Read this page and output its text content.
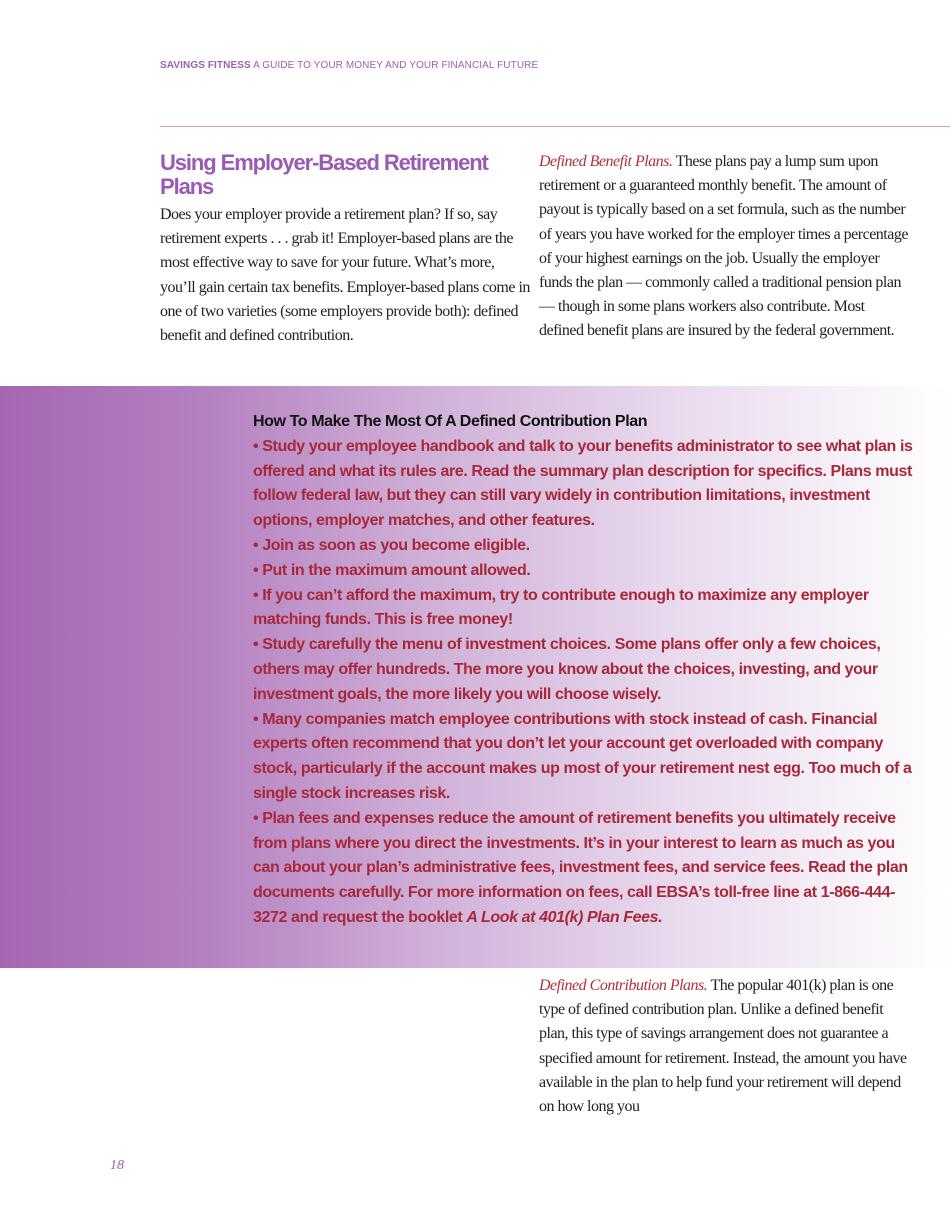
SAVINGS FITNESS A GUIDE TO YOUR MONEY AND YOUR FINANCIAL FUTURE
Using Employer-Based Retirement Plans

Does your employer provide a retirement plan? If so, say retirement experts . . . grab it! Employer-based plans are the most effective way to save for your future. What’s more, you’ll gain certain tax benefits. Employer-based plans come in one of two varieties (some employers provide both): defined benefit and defined contribution.

Defined Benefit Plans. These plans pay a lump sum upon retirement or a guaranteed monthly benefit. The amount of payout is typically based on a set formula, such as the number of years you have worked for the employer times a percentage of your highest earnings on the job. Usually the employer funds the plan — commonly called a traditional pension plan — though in some plans workers also contribute. Most defined benefit plans are insured by the federal government.

How To Make The Most Of A Defined Contribution Plan
• Study your employee handbook and talk to your benefits administrator to see what plan is offered and what its rules are. Read the summary plan description for specifics. Plans must follow federal law, but they can still vary widely in contribution limitations, investment options, employer matches, and other features.
• Join as soon as you become eligible.
• Put in the maximum amount allowed.
• If you can’t afford the maximum, try to contribute enough to maximize any employer matching funds. This is free money!
• Study carefully the menu of investment choices. Some plans offer only a few choices, others may offer hundreds. The more you know about the choices, investing, and your investment goals, the more likely you will choose wisely.
• Many companies match employee contributions with stock instead of cash. Financial experts often recommend that you don’t let your account get overloaded with company stock, particularly if the account makes up most of your retirement nest egg. Too much of a single stock increases risk.
• Plan fees and expenses reduce the amount of retirement benefits you ultimately receive from plans where you direct the investments. It’s in your interest to learn as much as you can about your plan’s administrative fees, investment fees, and service fees. Read the plan documents carefully. For more information on fees, call EBSA’s toll-free line at 1-866-444-3272 and request the booklet A Look at 401(k) Plan Fees.

Defined Contribution Plans. The popular 401(k) plan is one type of defined contribution plan. Unlike a defined benefit plan, this type of savings arrangement does not guarantee a specified amount for retirement. Instead, the amount you have available in the plan to help fund your retirement will depend on how long you

18
